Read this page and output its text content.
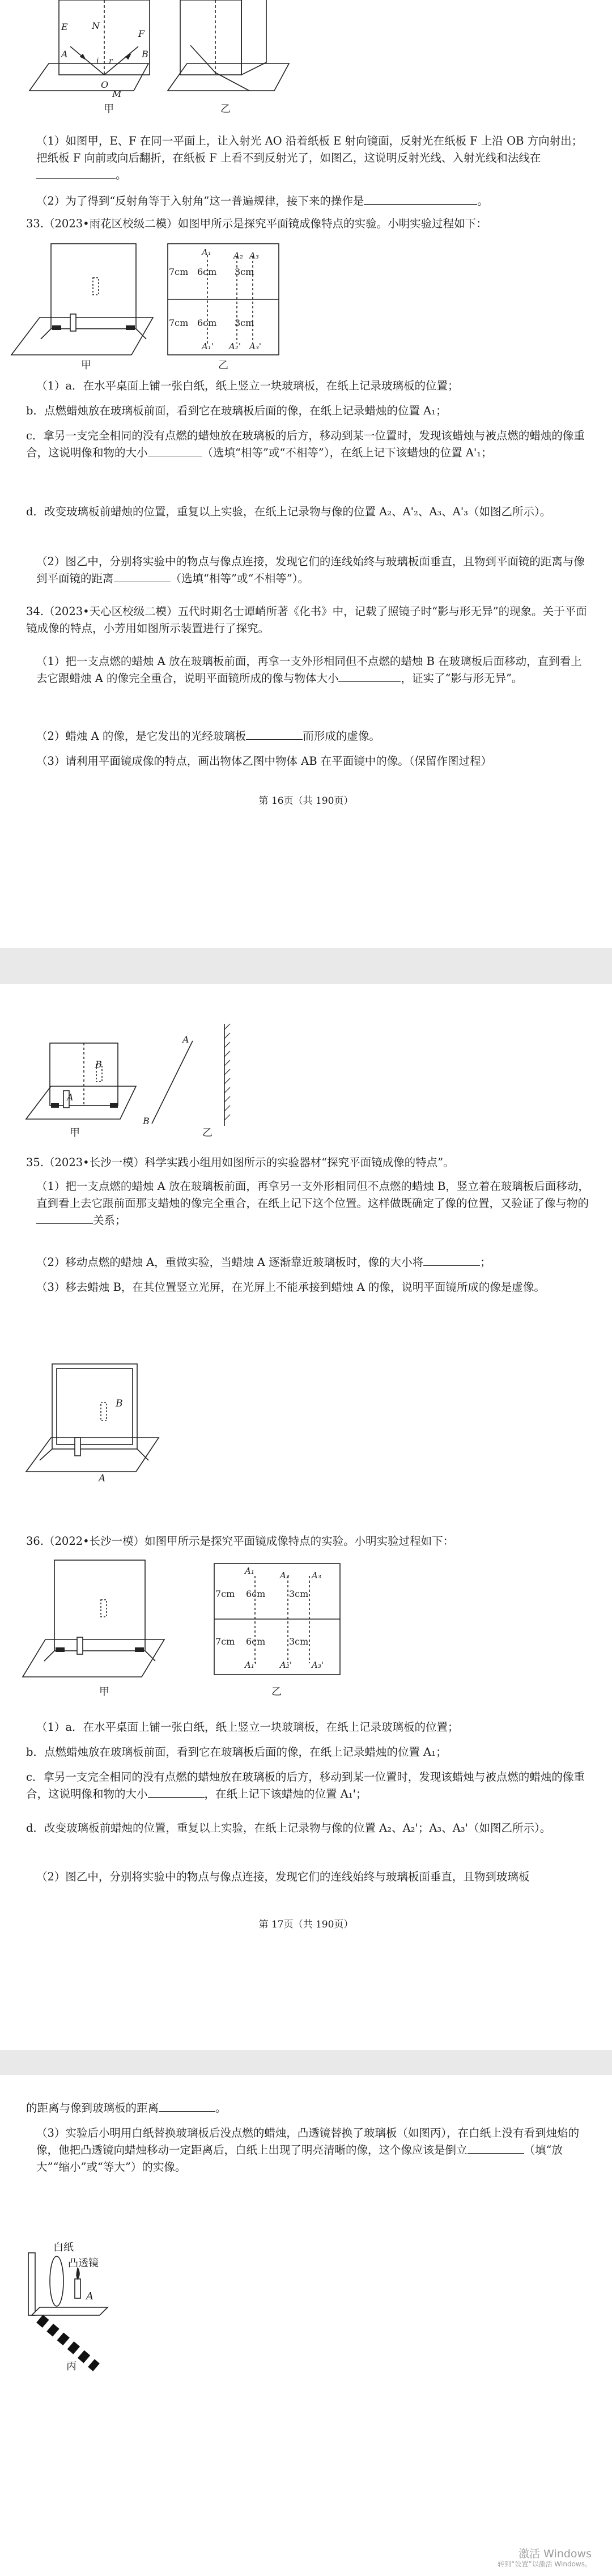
甲	乙
E	N
F
A	B
i r
O
M
（1）如图甲，E、F 在同一平面上，让入射光 AO 沿着纸板 E 射向镜面，反射光在纸板 F 上沿 OB 方向射出；把纸板 F 向前或向后翻折，在纸板 F 上看不到反射光了，如图乙，这说明反射光线、入射光线和法线在。
（2）为了得到“反射角等于入射角”这一普遍规律，接下来的操作是	。
33.（2023•雨花区校级二模）如图甲所示是探究平面镜成像特点的实验。小明实验过程如下：
甲
7cm 6cm 3cm
7cm 6cm 3cm
A₁	A₂ A₃
A₁' A₂' A₃'
乙
（1）a．在水平桌面上铺一张白纸，纸上竖立一块玻璃板，在纸上记录玻璃板的位置；
b．点燃蜡烛放在玻璃板前面，看到它在玻璃板后面的像，在纸上记录蜡烛的位置 A₁；
c．拿另一支完全相同的没有点燃的蜡烛放在玻璃板的后方，移动到某一位置时，发现该蜡烛与被点燃的蜡烛的像重合，这说明像和物的大小	（选填“相等”或“不相等”），在纸上记下该蜡烛的位置 A'₁；
d．改变玻璃板前蜡烛的位置，重复以上实验，在纸上记录物与像的位置 A₂、A'₂、A₃、A'₃（如图乙所示）。
（2）图乙中，分别将实验中的物点与像点连接，发现它们的连线始终与玻璃板面垂直，且物到平面镜的距离与像到平面镜的距离	（选填“相等”或“不相等”）。
34.（2023•天心区校级二模）五代时期名士谭峭所著《化书》中，记载了照镜子时“影与形无异”的现象。关于平面镜成像的特点，小芳用如图所示装置进行了探究。
（1）把一支点燃的蜡烛 A 放在玻璃板前面，再拿一支外形相同但不点燃的蜡烛 B 在玻璃板后面移动，直到看上去它跟蜡烛 A 的像完全重合，说明平面镜所成的像与物体大小	，证实了“影与形无异”。
（2）蜡烛 A 的像，是它发出的光经玻璃板	而形成的虚像。
（3）请利用平面镜成像的特点，画出物体乙图中物体 AB 在平面镜中的像。（保留作图过程）
第 16页（共 190页）
A
B
A
B
甲	乙
35.（2023•长沙一模）科学实践小组用如图所示的实验器材“探究平面镜成像的特点”。
（1）把一支点燃的蜡烛 A 放在玻璃板前面，再拿另一支外形相同但不点燃的蜡烛 B，竖立着在玻璃板后面移动，直到看上去它跟前面那支蜡烛的像完全重合，在纸上记下这个位置。这样做既确定了像的位置，又验证了像与物的关系；
（2）移动点燃的蜡烛 A，重做实验，当蜡烛 A 逐渐靠近玻璃板时，像的大小将	；
（3）移去蜡烛 B，在其位置竖立光屏，在光屏上不能承接到蜡烛 A 的像，说明平面镜所成的像是虚像。
A
B
36.（2022•长沙一模）如图甲所示是探究平面镜成像特点的实验。小明实验过程如下：
甲
7cm 6cm	3cm
7cm 6cm	3cm
A₁	A₂	A₃
A₁'	A₂' A₃'
乙
（1）a．在水平桌面上铺一张白纸，纸上竖立一块玻璃板，在纸上记录玻璃板的位置；
b．点燃蜡烛放在玻璃板前面，看到它在玻璃板后面的像，在纸上记录蜡烛的位置 A₁；
c．拿另一支完全相同的没有点燃的蜡烛放在玻璃板的后方，移动到某一位置时，发现该蜡烛与被点燃的蜡烛的像重合，这说明像和物的大小	，在纸上记下该蜡烛的位置 A₁'；
d．改变玻璃板前蜡烛的位置，重复以上实验，在纸上记录物与像的位置 A₂、A₂'；A₃、A₃'（如图乙所示）。
（2）图乙中，分别将实验中的物点与像点连接，发现它们的连线始终与玻璃板面垂直，且物到玻璃板
第 17页（共 190页）
的距离与像到玻璃板的距离	。
（3）实验后小明用白纸替换玻璃板后没点燃的蜡烛，凸透镜替换了玻璃板（如图丙），在白纸上没有看到烛焰的像，他把凸透镜向蜡烛移动一定距离后，白纸上出现了明亮清晰的像，这个像应该是倒立	（填“放大”“缩小”或“等大”）的实像。
白纸
凸透镜
A
丙
激活 Windows
转到“设置”以激活 Windows。
